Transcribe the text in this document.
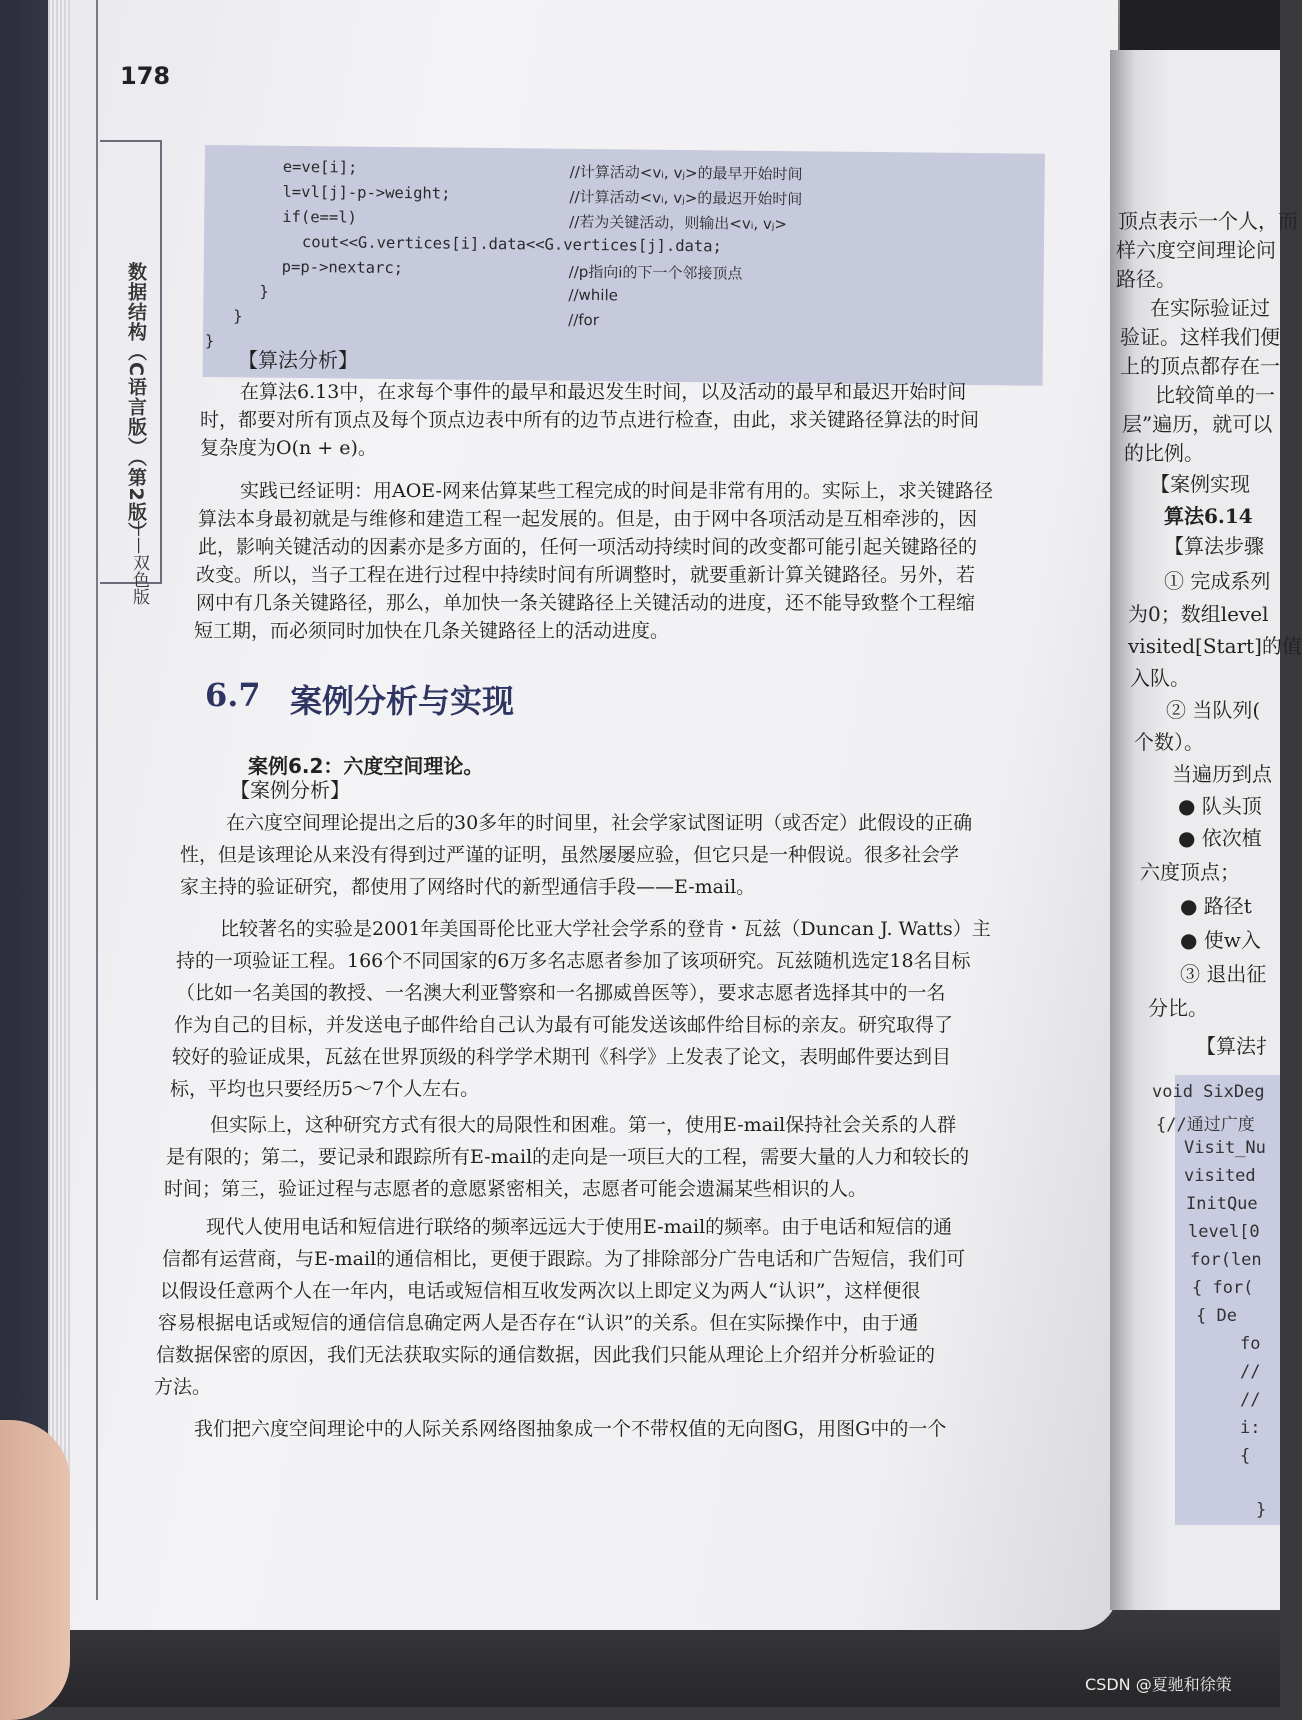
178
数据结构（C语言版）（第2版）
——双色版
e=ve[i];
l=vl[j]-p->weight;
if(e==l)
cout<<G.vertices[i].data<<G.vertices[j].data;
p=p->nextarc;
}
}
}
//计算活动<vᵢ, vⱼ>的最早开始时间
//计算活动<vᵢ, vⱼ>的最迟开始时间
//若为关键活动，则输出<vᵢ, vⱼ>
//p指向i的下一个邻接顶点
//while
//for
【算法分析】
在算法6.13中，在求每个事件的最早和最迟发生时间，以及活动的最早和最迟开始时间
时，都要对所有顶点及每个顶点边表中所有的边节点进行检查，由此，求关键路径算法的时间
复杂度为O(n + e)。
实践已经证明：用AOE-网来估算某些工程完成的时间是非常有用的。实际上，求关键路径
算法本身最初就是与维修和建造工程一起发展的。但是，由于网中各项活动是互相牵涉的，因
此，影响关键活动的因素亦是多方面的，任何一项活动持续时间的改变都可能引起关键路径的
改变。所以，当子工程在进行过程中持续时间有所调整时，就要重新计算关键路径。另外，若
网中有几条关键路径，那么，单加快一条关键路径上关键活动的进度，还不能导致整个工程缩
短工期，而必须同时加快在几条关键路径上的活动进度。
6.7 案例分析与实现
案例6.2：六度空间理论。
【案例分析】
在六度空间理论提出之后的30多年的时间里，社会学家试图证明（或否定）此假设的正确
性，但是该理论从来没有得到过严谨的证明，虽然屡屡应验，但它只是一种假说。很多社会学
家主持的验证研究，都使用了网络时代的新型通信手段——E-mail。
比较著名的实验是2001年美国哥伦比亚大学社会学系的登肯・瓦兹（Duncan J. Watts）主
持的一项验证工程。166个不同国家的6万多名志愿者参加了该项研究。瓦兹随机选定18名目标
（比如一名美国的教授、一名澳大利亚警察和一名挪威兽医等），要求志愿者选择其中的一名
作为自己的目标，并发送电子邮件给自己认为最有可能发送该邮件给目标的亲友。研究取得了
较好的验证成果，瓦兹在世界顶级的科学学术期刊《科学》上发表了论文，表明邮件要达到目
标，平均也只要经历5～7个人左右。
但实际上，这种研究方式有很大的局限性和困难。第一，使用E-mail保持社会关系的人群
是有限的；第二，要记录和跟踪所有E-mail的走向是一项巨大的工程，需要大量的人力和较长的
时间；第三，验证过程与志愿者的意愿紧密相关，志愿者可能会遗漏某些相识的人。
现代人使用电话和短信进行联络的频率远远大于使用E-mail的频率。由于电话和短信的通
信都有运营商，与E-mail的通信相比，更便于跟踪。为了排除部分广告电话和广告短信，我们可
以假设任意两个人在一年内，电话或短信相互收发两次以上即定义为两人“认识”，这样便很
容易根据电话或短信的通信信息确定两人是否存在“认识”的关系。但在实际操作中，由于通
信数据保密的原因，我们无法获取实际的通信数据，因此我们只能从理论上介绍并分析验证的
方法。
我们把六度空间理论中的人际关系网络图抽象成一个不带权值的无向图G，用图G中的一个
顶点表示一个人，而
样六度空间理论问
路径。
在实际验证过
验证。这样我们便
上的顶点都存在一
比较简单的一
层”遍历，就可以
的比例。
【案例实现
算法6.14
【算法步骤
① 完成系列
为0；数组level
visited[Start]的值
入队。
② 当队列(
个数）。
当遍历到点
● 队头顶
● 依次植
六度顶点；
● 路径t
● 使w入
③ 退出征
分比。
【算法扌
void SixDeg
{//通过广度
Visit_Nu
visited
InitQue
level[0
for(len
{ for(
{ De
fo
//
//
i:
{
}
CSDN @夏驰和徐策
